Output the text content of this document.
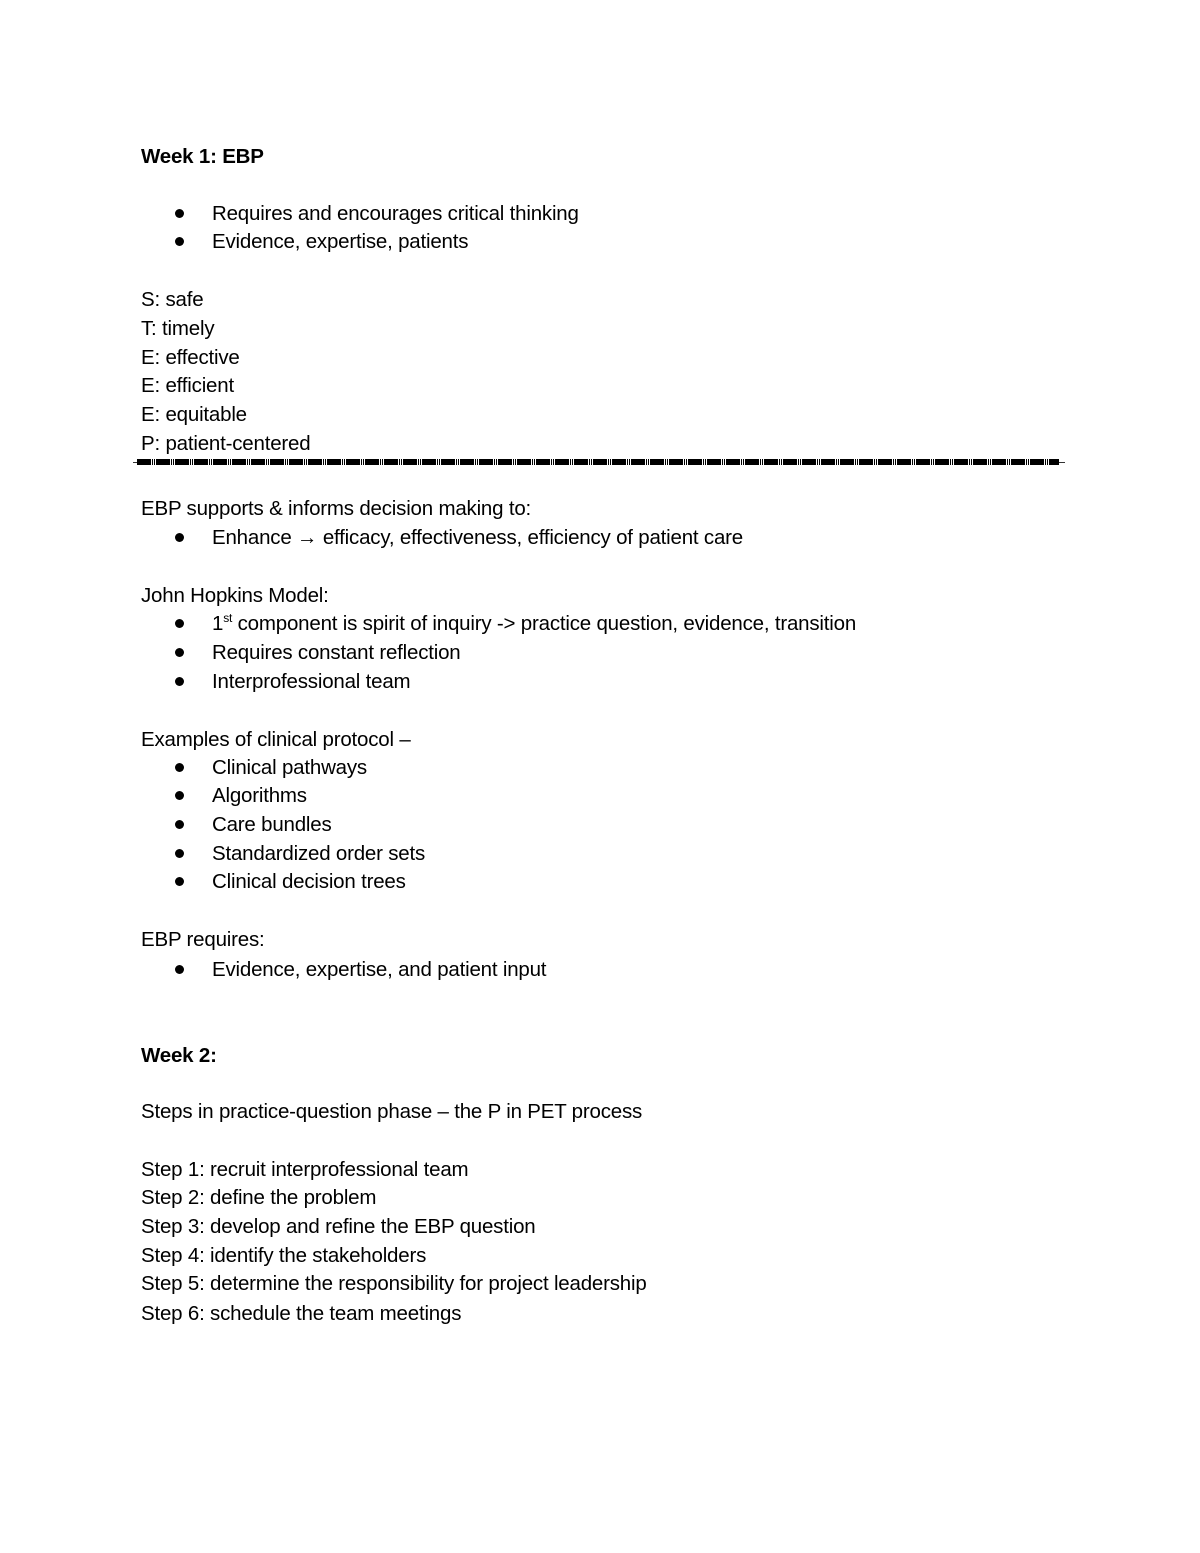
Week 1: EBP
Requires and encourages critical thinking
Evidence, expertise, patients
S: safe
T: timely
E: effective
E: efficient
E: equitable
P: patient-centered
EBP supports & informs decision making to:
Enhance → efficacy, effectiveness, efficiency of patient care
John Hopkins Model:
1st component is spirit of inquiry -> practice question, evidence, transition
Requires constant reflection
Interprofessional team
Examples of clinical protocol –
Clinical pathways
Algorithms
Care bundles
Standardized order sets
Clinical decision trees
EBP requires:
Evidence, expertise, and patient input
Week 2:
Steps in practice-question phase – the P in PET process
Step 1: recruit interprofessional team
Step 2: define the problem
Step 3: develop and refine the EBP question
Step 4: identify the stakeholders
Step 5: determine the responsibility for project leadership
Step 6: schedule the team meetings
